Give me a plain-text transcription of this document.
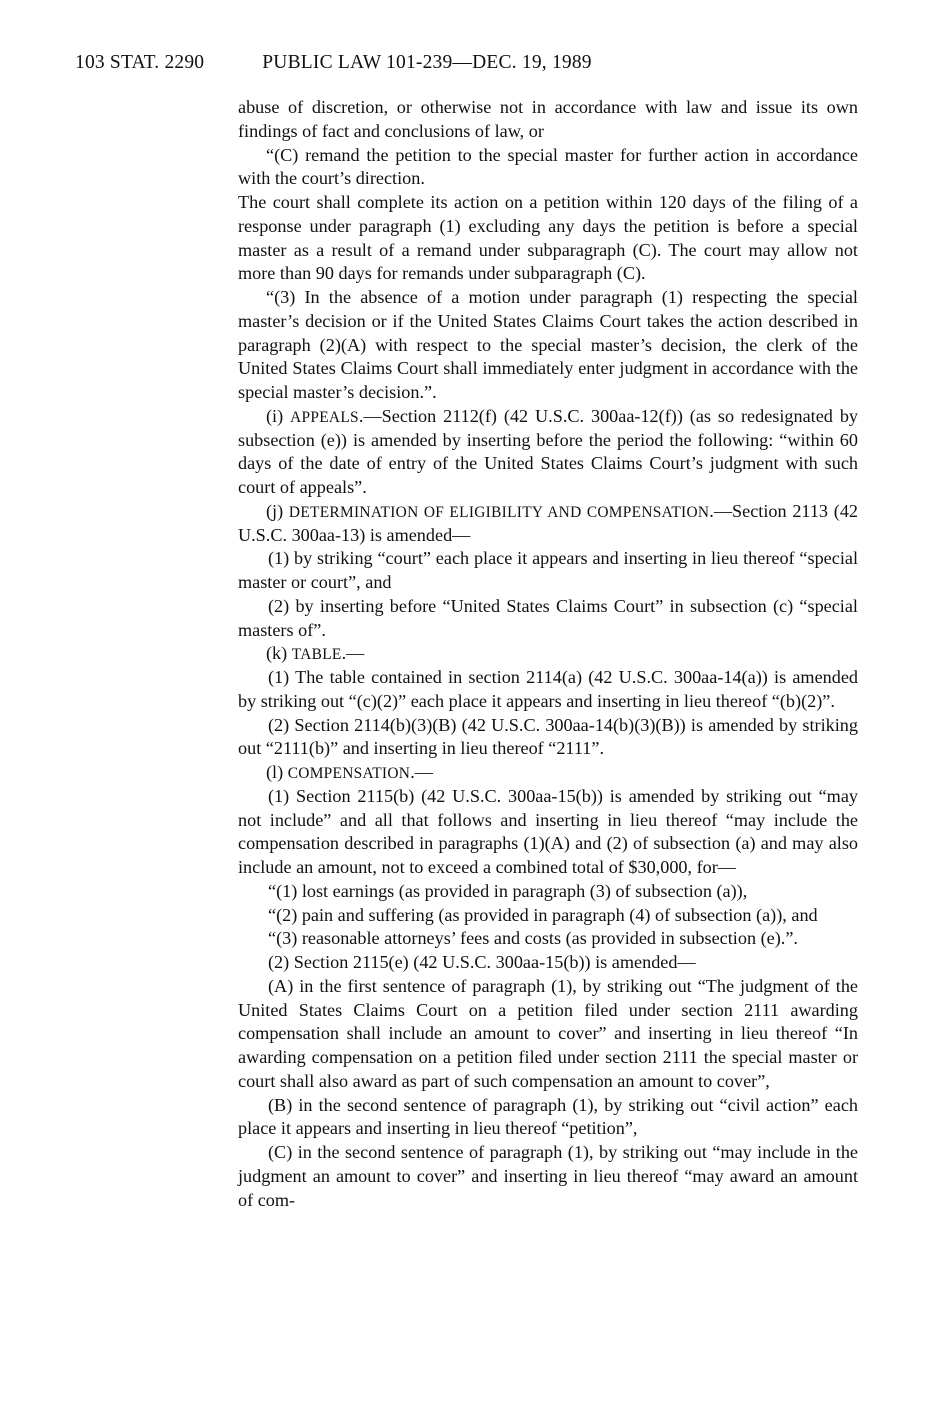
103 STAT. 2290	PUBLIC LAW 101-239—DEC. 19, 1989

abuse of discretion, or otherwise not in accordance with law and issue its own findings of fact and conclusions of law, or

“(C) remand the petition to the special master for further action in accordance with the court’s direction.

The court shall complete its action on a petition within 120 days of the filing of a response under paragraph (1) excluding any days the petition is before a special master as a result of a remand under subparagraph (C). The court may allow not more than 90 days for remands under subparagraph (C).

“(3) In the absence of a motion under paragraph (1) respecting the special master’s decision or if the United States Claims Court takes the action described in paragraph (2)(A) with respect to the special master’s decision, the clerk of the United States Claims Court shall immediately enter judgment in accordance with the special master’s decision.”.

(i) APPEALS.—Section 2112(f) (42 U.S.C. 300aa-12(f)) (as so redesignated by subsection (e)) is amended by inserting before the period the following: “within 60 days of the date of entry of the United States Claims Court’s judgment with such court of appeals”.

(j) DETERMINATION OF ELIGIBILITY AND COMPENSATION.—Section 2113 (42 U.S.C. 300aa-13) is amended—

(1) by striking “court” each place it appears and inserting in lieu thereof “special master or court”, and

(2) by inserting before “United States Claims Court” in subsection (c) “special masters of”.

(k) TABLE.—

(1) The table contained in section 2114(a) (42 U.S.C. 300aa-14(a)) is amended by striking out “(c)(2)” each place it appears and inserting in lieu thereof “(b)(2)”.

(2) Section 2114(b)(3)(B) (42 U.S.C. 300aa-14(b)(3)(B)) is amended by striking out “2111(b)” and inserting in lieu thereof “2111”.

(l) COMPENSATION.—

(1) Section 2115(b) (42 U.S.C. 300aa-15(b)) is amended by striking out “may not include” and all that follows and inserting in lieu thereof “may include the compensation described in paragraphs (1)(A) and (2) of subsection (a) and may also include an amount, not to exceed a combined total of $30,000, for—

“(1) lost earnings (as provided in paragraph (3) of subsection (a)),

“(2) pain and suffering (as provided in paragraph (4) of subsection (a)), and

“(3) reasonable attorneys’ fees and costs (as provided in subsection (e).”.

(2) Section 2115(e) (42 U.S.C. 300aa-15(b)) is amended—

(A) in the first sentence of paragraph (1), by striking out “The judgment of the United States Claims Court on a petition filed under section 2111 awarding compensation shall include an amount to cover” and inserting in lieu thereof “In awarding compensation on a petition filed under section 2111 the special master or court shall also award as part of such compensation an amount to cover”,

(B) in the second sentence of paragraph (1), by striking out “civil action” each place it appears and inserting in lieu thereof “petition”,

(C) in the second sentence of paragraph (1), by striking out “may include in the judgment an amount to cover” and inserting in lieu thereof “may award an amount of com-
